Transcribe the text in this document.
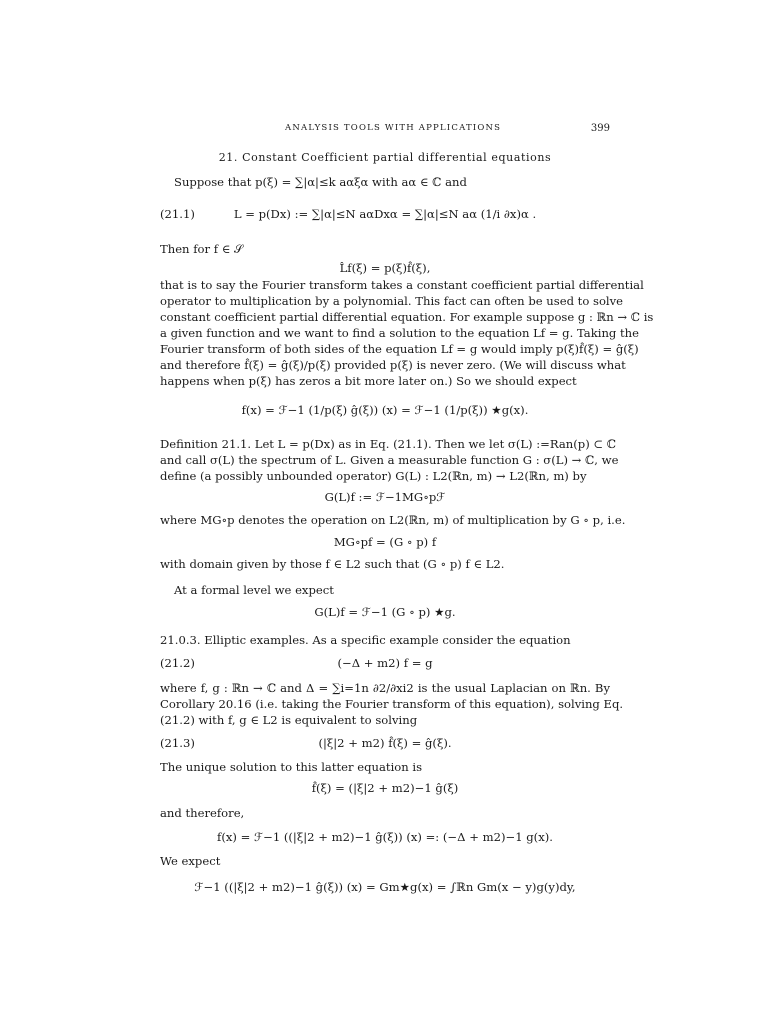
ANALYSIS TOOLS WITH APPLICATIONS	399
21. Constant Coefficient partial differential equations
Suppose that p(ξ) = ∑|α|≤k aαξα with aα ∈ ℂ and
(21.1)	L = p(Dx) := ∑|α|≤N aαDxα = ∑|α|≤N aα (1/i ∂x)α .
Then for f ∈ 𝒮
L̂f(ξ) = p(ξ)f̂(ξ),
that is to say the Fourier transform takes a constant coefficient partial differential
operator to multiplication by a polynomial. This fact can often be used to solve
constant coefficient partial differential equation. For example suppose g : ℝn → ℂ is
a given function and we want to find a solution to the equation Lf = g. Taking the
Fourier transform of both sides of the equation Lf = g would imply p(ξ)f̂(ξ) = ĝ(ξ)
and therefore f̂(ξ) = ĝ(ξ)/p(ξ) provided p(ξ) is never zero. (We will discuss what
happens when p(ξ) has zeros a bit more later on.) So we should expect
f(x) = ℱ−1 (1/p(ξ) ĝ(ξ)) (x) = ℱ−1 (1/p(ξ)) ★g(x).
Definition 21.1. Let L = p(Dx) as in Eq. (21.1). Then we let σ(L) :=Ran(p) ⊂ ℂ
and call σ(L) the spectrum of L. Given a measurable function G : σ(L) → ℂ, we
define (a possibly unbounded operator) G(L) : L2(ℝn, m) → L2(ℝn, m) by
G(L)f := ℱ−1MG∘pℱ
where MG∘p denotes the operation on L2(ℝn, m) of multiplication by G ∘ p, i.e.
MG∘pf = (G ∘ p) f
with domain given by those f ∈ L2 such that (G ∘ p) f ∈ L2.
At a formal level we expect
G(L)f = ℱ−1 (G ∘ p) ★g.
21.0.3. Elliptic examples. As a specific example consider the equation
(21.2)	(−Δ + m2) f = g
where f, g : ℝn → ℂ and Δ = ∑i=1n ∂2/∂xi2 is the usual Laplacian on ℝn. By
Corollary 20.16 (i.e. taking the Fourier transform of this equation), solving Eq.
(21.2) with f, g ∈ L2 is equivalent to solving
(21.3)	(|ξ|2 + m2) f̂(ξ) = ĝ(ξ).
The unique solution to this latter equation is
f̂(ξ) = (|ξ|2 + m2)−1 ĝ(ξ)
and therefore,
f(x) = ℱ−1 ((|ξ|2 + m2)−1 ĝ(ξ)) (x) =: (−Δ + m2)−1 g(x).
We expect
ℱ−1 ((|ξ|2 + m2)−1 ĝ(ξ)) (x) = Gm★g(x) = ∫ℝn Gm(x − y)g(y)dy,
